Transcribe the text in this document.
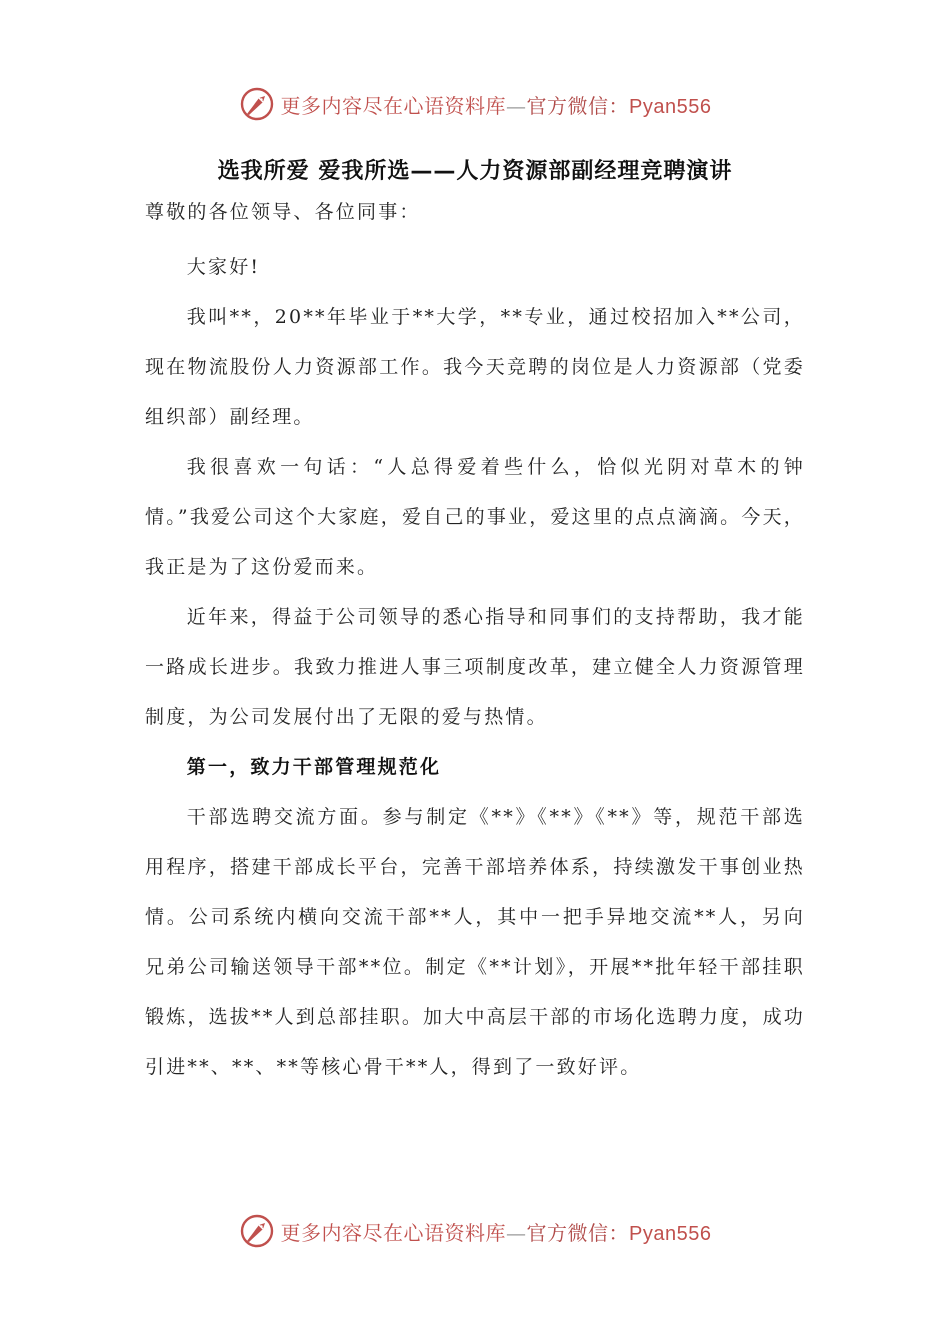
更多内容尽在心语资料库—官方微信：Pyan556
选我所爱 爱我所选——人力资源部副经理竞聘演讲

尊敬的各位领导、各位同事：

大家好!

我叫**，20**年毕业于**大学，**专业，通过校招加入**公司，现在物流股份人力资源部工作。我今天竞聘的岗位是人力资源部（党委组织部）副经理。

我很喜欢一句话：“人总得爱着些什么，恰似光阴对草木的钟情。”我爱公司这个大家庭，爱自己的事业，爱这里的点点滴滴。今天，我正是为了这份爱而来。

近年来，得益于公司领导的悉心指导和同事们的支持帮助，我才能一路成长进步。我致力推进人事三项制度改革，建立健全人力资源管理制度，为公司发展付出了无限的爱与热情。

第一，致力干部管理规范化

干部选聘交流方面。参与制定《**》《**》《**》等，规范干部选用程序，搭建干部成长平台，完善干部培养体系，持续激发干事创业热情。公司系统内横向交流干部**人，其中一把手异地交流**人，另向兄弟公司输送领导干部**位。制定《**计划》，开展**批年轻干部挂职锻炼，选拔**人到总部挂职。加大中高层干部的市场化选聘力度，成功引进**、**、**等核心骨干**人，得到了一致好评。

更多内容尽在心语资料库—官方微信：Pyan556
